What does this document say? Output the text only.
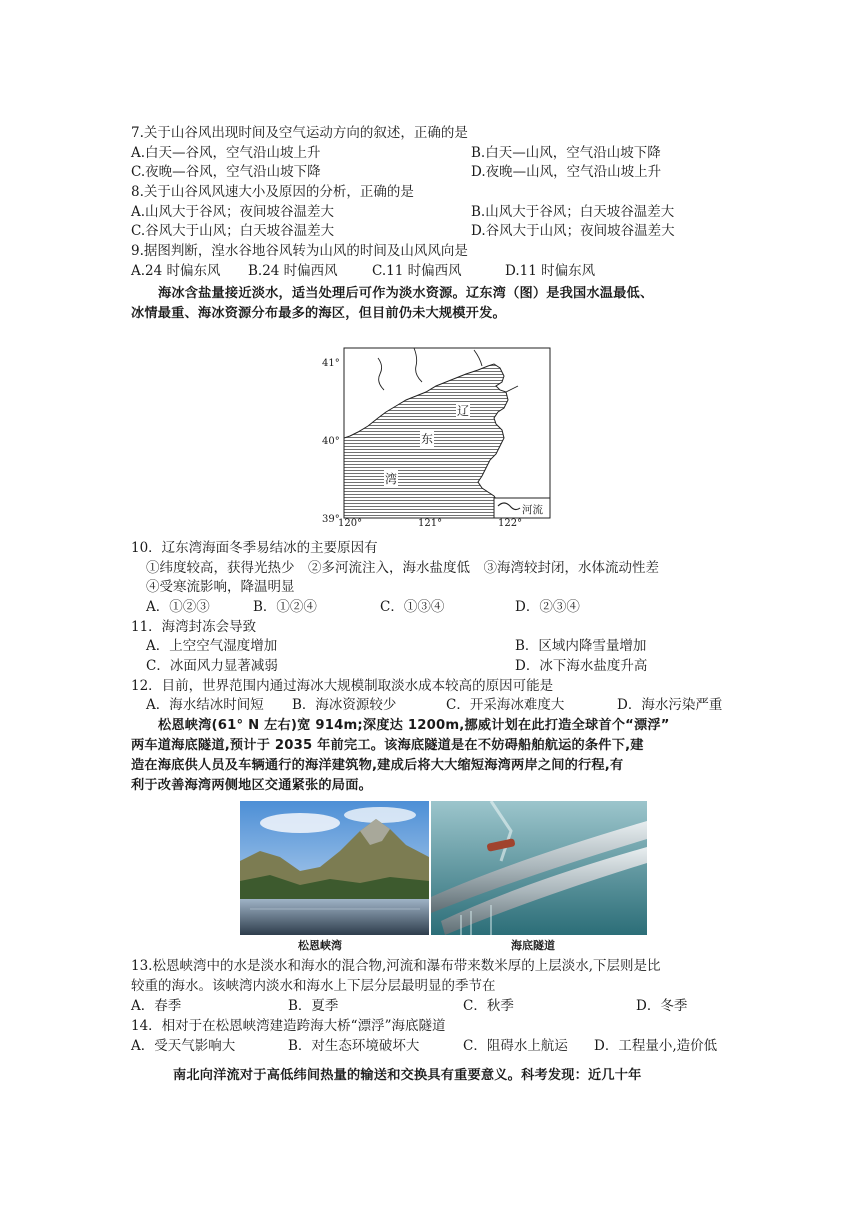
7.关于山谷风出现时间及空气运动方向的叙述，正确的是
A.白天—谷风，空气沿山坡上升	B.白天—山风，空气沿山坡下降
C.夜晚—谷风，空气沿山坡下降	D.夜晚—山风，空气沿山坡上升
8.关于山谷风风速大小及原因的分析，正确的是
A.山风大于谷风；夜间坡谷温差大	B.山风大于谷风；白天坡谷温差大
C.谷风大于山风；白天坡谷温差大	D.谷风大于山风；夜间坡谷温差大
9.据图判断，湟水谷地谷风转为山风的时间及山风风向是
A.24 时偏东风 B.24 时偏西风	C.11 时偏西风	D.11 时偏东风
海冰含盐量接近淡水，适当处理后可作为淡水资源。辽东湾（图）是我国水温最低、
冰情最重、海冰资源分布最多的海区，但目前仍未大规模开发。
41°
40°
39°
120°	121°	122°
辽
东
湾
河流
10．辽东湾海面冬季易结冰的主要原因有
①纬度较高，获得光热少　②多河流注入，海水盐度低　③海湾较封闭，水体流动性差
④受寒流影响，降温明显
A．①②③	B．①②④	C．①③④	D．②③④
11．海湾封冻会导致
A．上空空气湿度增加	B．区域内降雪量增加
C．冰面风力显著减弱	D．冰下海水盐度升高
12．目前，世界范围内通过海冰大规模制取淡水成本较高的原因可能是
A．海水结冰时间短 B．海冰资源较少	C．开采海冰难度大	D．海水污染严重
松恩峡湾(61° N 左右)宽 914m;深度达 1200m,挪威计划在此打造全球首个“漂浮”
两车道海底隧道,预计于 2035 年前完工。该海底隧道是在不妨碍船舶航运的条件下,建
造在海底供人员及车辆通行的海洋建筑物,建成后将大大缩短海湾两岸之间的行程,有
利于改善海湾两侧地区交通紧张的局面。
松恩峡湾	海底隧道
13.松恩峡湾中的水是淡水和海水的混合物,河流和瀑布带来数米厚的上层淡水,下层则是比
较重的海水。该峡湾内淡水和海水上下层分层最明显的季节在
A．春季	B．夏季	C．秋季	D．冬季
14．相对于在松恩峡湾建造跨海大桥“漂浮”海底隧道
A．受天气影响大	B．对生态环境破坏大	C．阻碍水上航运 D．工程量小,造价低
南北向洋流对于高低纬间热量的输送和交换具有重要意义。科考发现：近几十年
